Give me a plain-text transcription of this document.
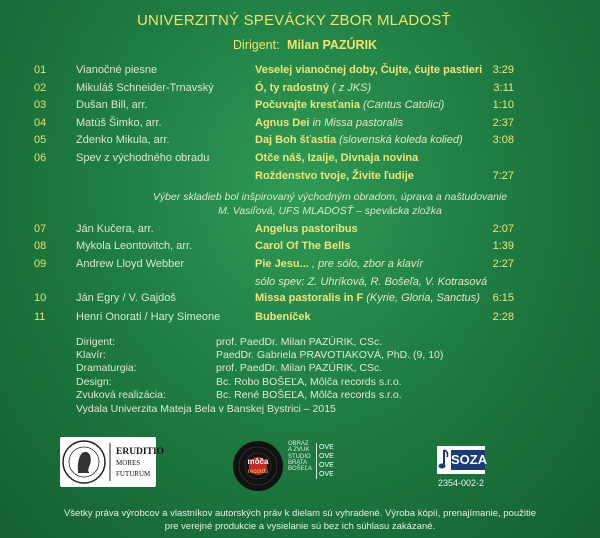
UNIVERZITNÝ SPEVÁCKY ZBOR MLADOSŤ
Dirigent: Milan PAZÚRIK
01	Vianočné piesne	Veselej vianočnej doby, Čujte, čujte pastieri 3:29
02	Mikuláš Schneider-Trnavský	Ó, ty radostný ( z JKS)	3:11
03	Dušan Bill, arr.	Počuvajte kresťania (Cantus Catolici)	1:10
04	Matúš Šimko, arr.	Agnus Dei in Missa pastoralis	2:37
05	Zdenko Mikula, arr.	Daj Boh šťastia (slovenská koleda kolied)	3:08
06	Spev z východného obradu	Otče náš, Izaije, Divnaja novina
Roždenstvo tvoje, Živite ľudije	7:27
07	Ján Kučera, arr.	Angelus pastoribus	2:07
08	Mykola Leontovitch, arr.	Carol Of The Bells	1:39
09	Andrew Lloyd Webber	Pie Jesu... , pre sólo, zbor a klavír	2:27
sólo spev: Z. Uhríková, R. Bošeľa, V. Kotrasová
10	Ján Egry / V. Gajdoš	Missa pastoralis in F (Kyrie, Gloria, Sanctus) 6:15
11	Henri Onorati / Hary Simeone	Bubeníček	2:28
Výber skladieb bol inšpirovaný východným obradom, úprava a naštudovanie
M. Vasiľová, UFS MLADOSŤ – spevácka zložka
Dirigent:	prof. PaedDr. Milan PAZÚRIK, CSc.
Klavír:	PaedDr. Gabriela PRAVOTIAKOVÁ, PhD. (9, 10)
Dramaturgia:	prof. PaedDr. Milan PAZÚRIK, CSc.
Design:	Bc. Robo BOŠEĽA, Môlča records s.r.o.
Zvuková realizácia:	Bc. René BOŠEĽA, Môlča records s.r.o.
Vydala Univerzita Mateja Bela v Banskej Bystrici – 2015
ERUDITIO
MORES
FUTURUM
môča
records
OBRAZ
A ZVUK
STUDIO
BRATA
BOŠEĽA
OVE
OVE
OVE
OVE
SOZA
2354-002-2
Všetky práva výrobcov a vlastníkov autorských práv k dielam sú vyhradené. Výroba kópií, prenajímanie, použitie
pre verejné produkcie a vysielanie sú bez ich súhlasu zakázané.
